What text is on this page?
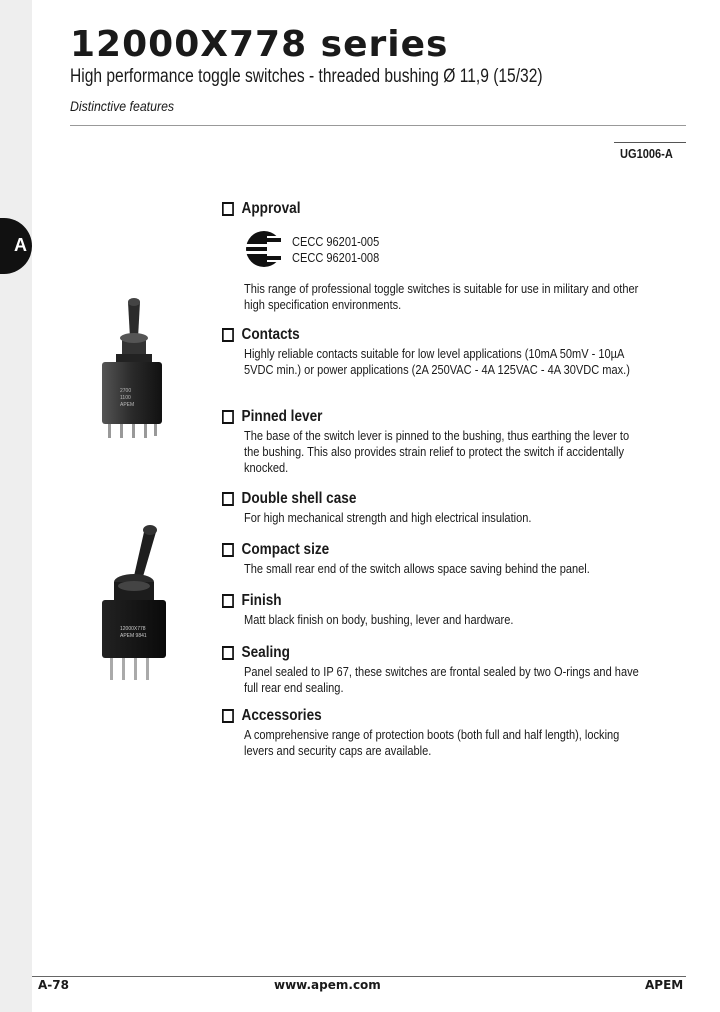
A
12000X778 series
High performance toggle switches - threaded bushing Ø 11,9 (15/32)
Distinctive features
UG1006-A
Approval
CECC 96201-005
CECC 96201-008
This range of professional toggle switches is suitable for use in military and other high specification environments.
Contacts
Highly reliable contacts suitable for low level applications (10mA 50mV - 10µA 5VDC min.) or power applications (2A 250VAC - 4A 125VAC - 4A 30VDC max.)
Pinned lever
The base of the switch lever is pinned to the bushing, thus earthing the lever to the bushing. This also provides strain relief to protect the switch if accidentally knocked.
Double shell case
For high mechanical strength and high electrical insulation.
Compact size
The small rear end of the switch allows space saving behind the panel.
Finish
Matt black finish on body, bushing, lever and hardware.
Sealing
Panel sealed to IP 67, these switches are frontal sealed by two O-rings and have full rear end sealing.
Accessories
A comprehensive range of protection boots (both full and half length), locking levers and security caps are available.
2700
1100
APEM
12000X778
APEM 9841
A-78	www.apem.com	APEM
